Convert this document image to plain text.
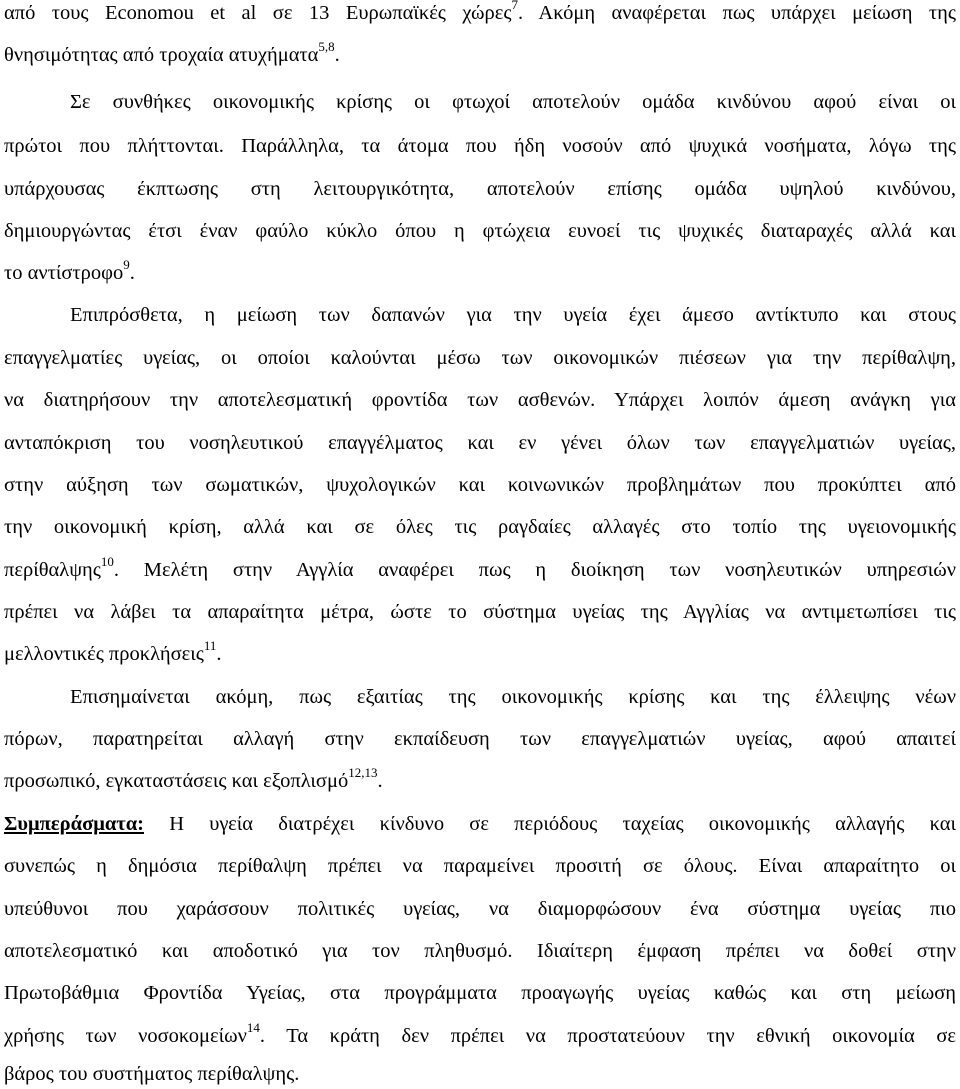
από τους Economou et al σε 13 Ευρωπαϊκές χώρες$^7$. Ακόμη αναφέρεται πως υπάρχει μείωση της
θνησιμότητας από τροχαία ατυχήματα$^{5,8}$.
Σε συνθήκες οικονομικής κρίσης οι φτωχοί αποτελούν ομάδα κινδύνου αφού είναι οι
πρώτοι που πλήττονται. Παράλληλα, τα άτομα που ήδη νοσούν από ψυχικά νοσήματα, λόγω της
υπάρχουσας έκπτωσης στη λειτουργικότητα, αποτελούν επίσης ομάδα υψηλού κινδύνου,
δημιουργώντας έτσι έναν φαύλο κύκλο όπου η φτώχεια ευνοεί τις ψυχικές διαταραχές αλλά και
το αντίστροφο$^9$.
Επιπρόσθετα, η μείωση των δαπανών για την υγεία έχει άμεσο αντίκτυπο και στους
επαγγελματίες υγείας, οι οποίοι καλούνται μέσω των οικονομικών πιέσεων για την περίθαλψη,
να διατηρήσουν την αποτελεσματική φροντίδα των ασθενών. Υπάρχει λοιπόν άμεση ανάγκη για
ανταπόκριση του νοσηλευτικού επαγγέλματος και εν γένει όλων των επαγγελματιών υγείας,
στην αύξηση των σωματικών, ψυχολογικών και κοινωνικών προβλημάτων που προκύπτει από
την οικονομική κρίση, αλλά και σε όλες τις ραγδαίες αλλαγές στο τοπίο της υγειονομικής
περίθαλψης$^{10}$. Μελέτη στην Αγγλία αναφέρει πως η διοίκηση των νοσηλευτικών υπηρεσιών
πρέπει να λάβει τα απαραίτητα μέτρα, ώστε το σύστημα υγείας της Αγγλίας να αντιμετωπίσει τις
μελλοντικές προκλήσεις$^{11}$.
Επισημαίνεται ακόμη, πως εξαιτίας της οικονομικής κρίσης και της έλλειψης νέων
πόρων, παρατηρείται αλλαγή στην εκπαίδευση των επαγγελματιών υγείας, αφού απαιτεί
προσωπικό, εγκαταστάσεις και εξοπλισμό$^{12,13}$.
Συμπεράσματα: Η υγεία διατρέχει κίνδυνο σε περιόδους ταχείας οικονομικής αλλαγής και
συνεπώς η δημόσια περίθαλψη πρέπει να παραμείνει προσιτή σε όλους. Είναι απαραίτητο οι
υπεύθυνοι που χαράσσουν πολιτικές υγείας, να διαμορφώσουν ένα σύστημα υγείας πιο
αποτελεσματικό και αποδοτικό για τον πληθυσμό. Ιδιαίτερη έμφαση πρέπει να δοθεί στην
Πρωτοβάθμια Φροντίδα Υγείας, στα προγράμματα προαγωγής υγείας καθώς και στη μείωση
χρήσης των νοσοκομείων$^{14}$. Τα κράτη δεν πρέπει να προστατεύουν την εθνική οικονομία σε
βάρος του συστήματος περίθαλψης.
